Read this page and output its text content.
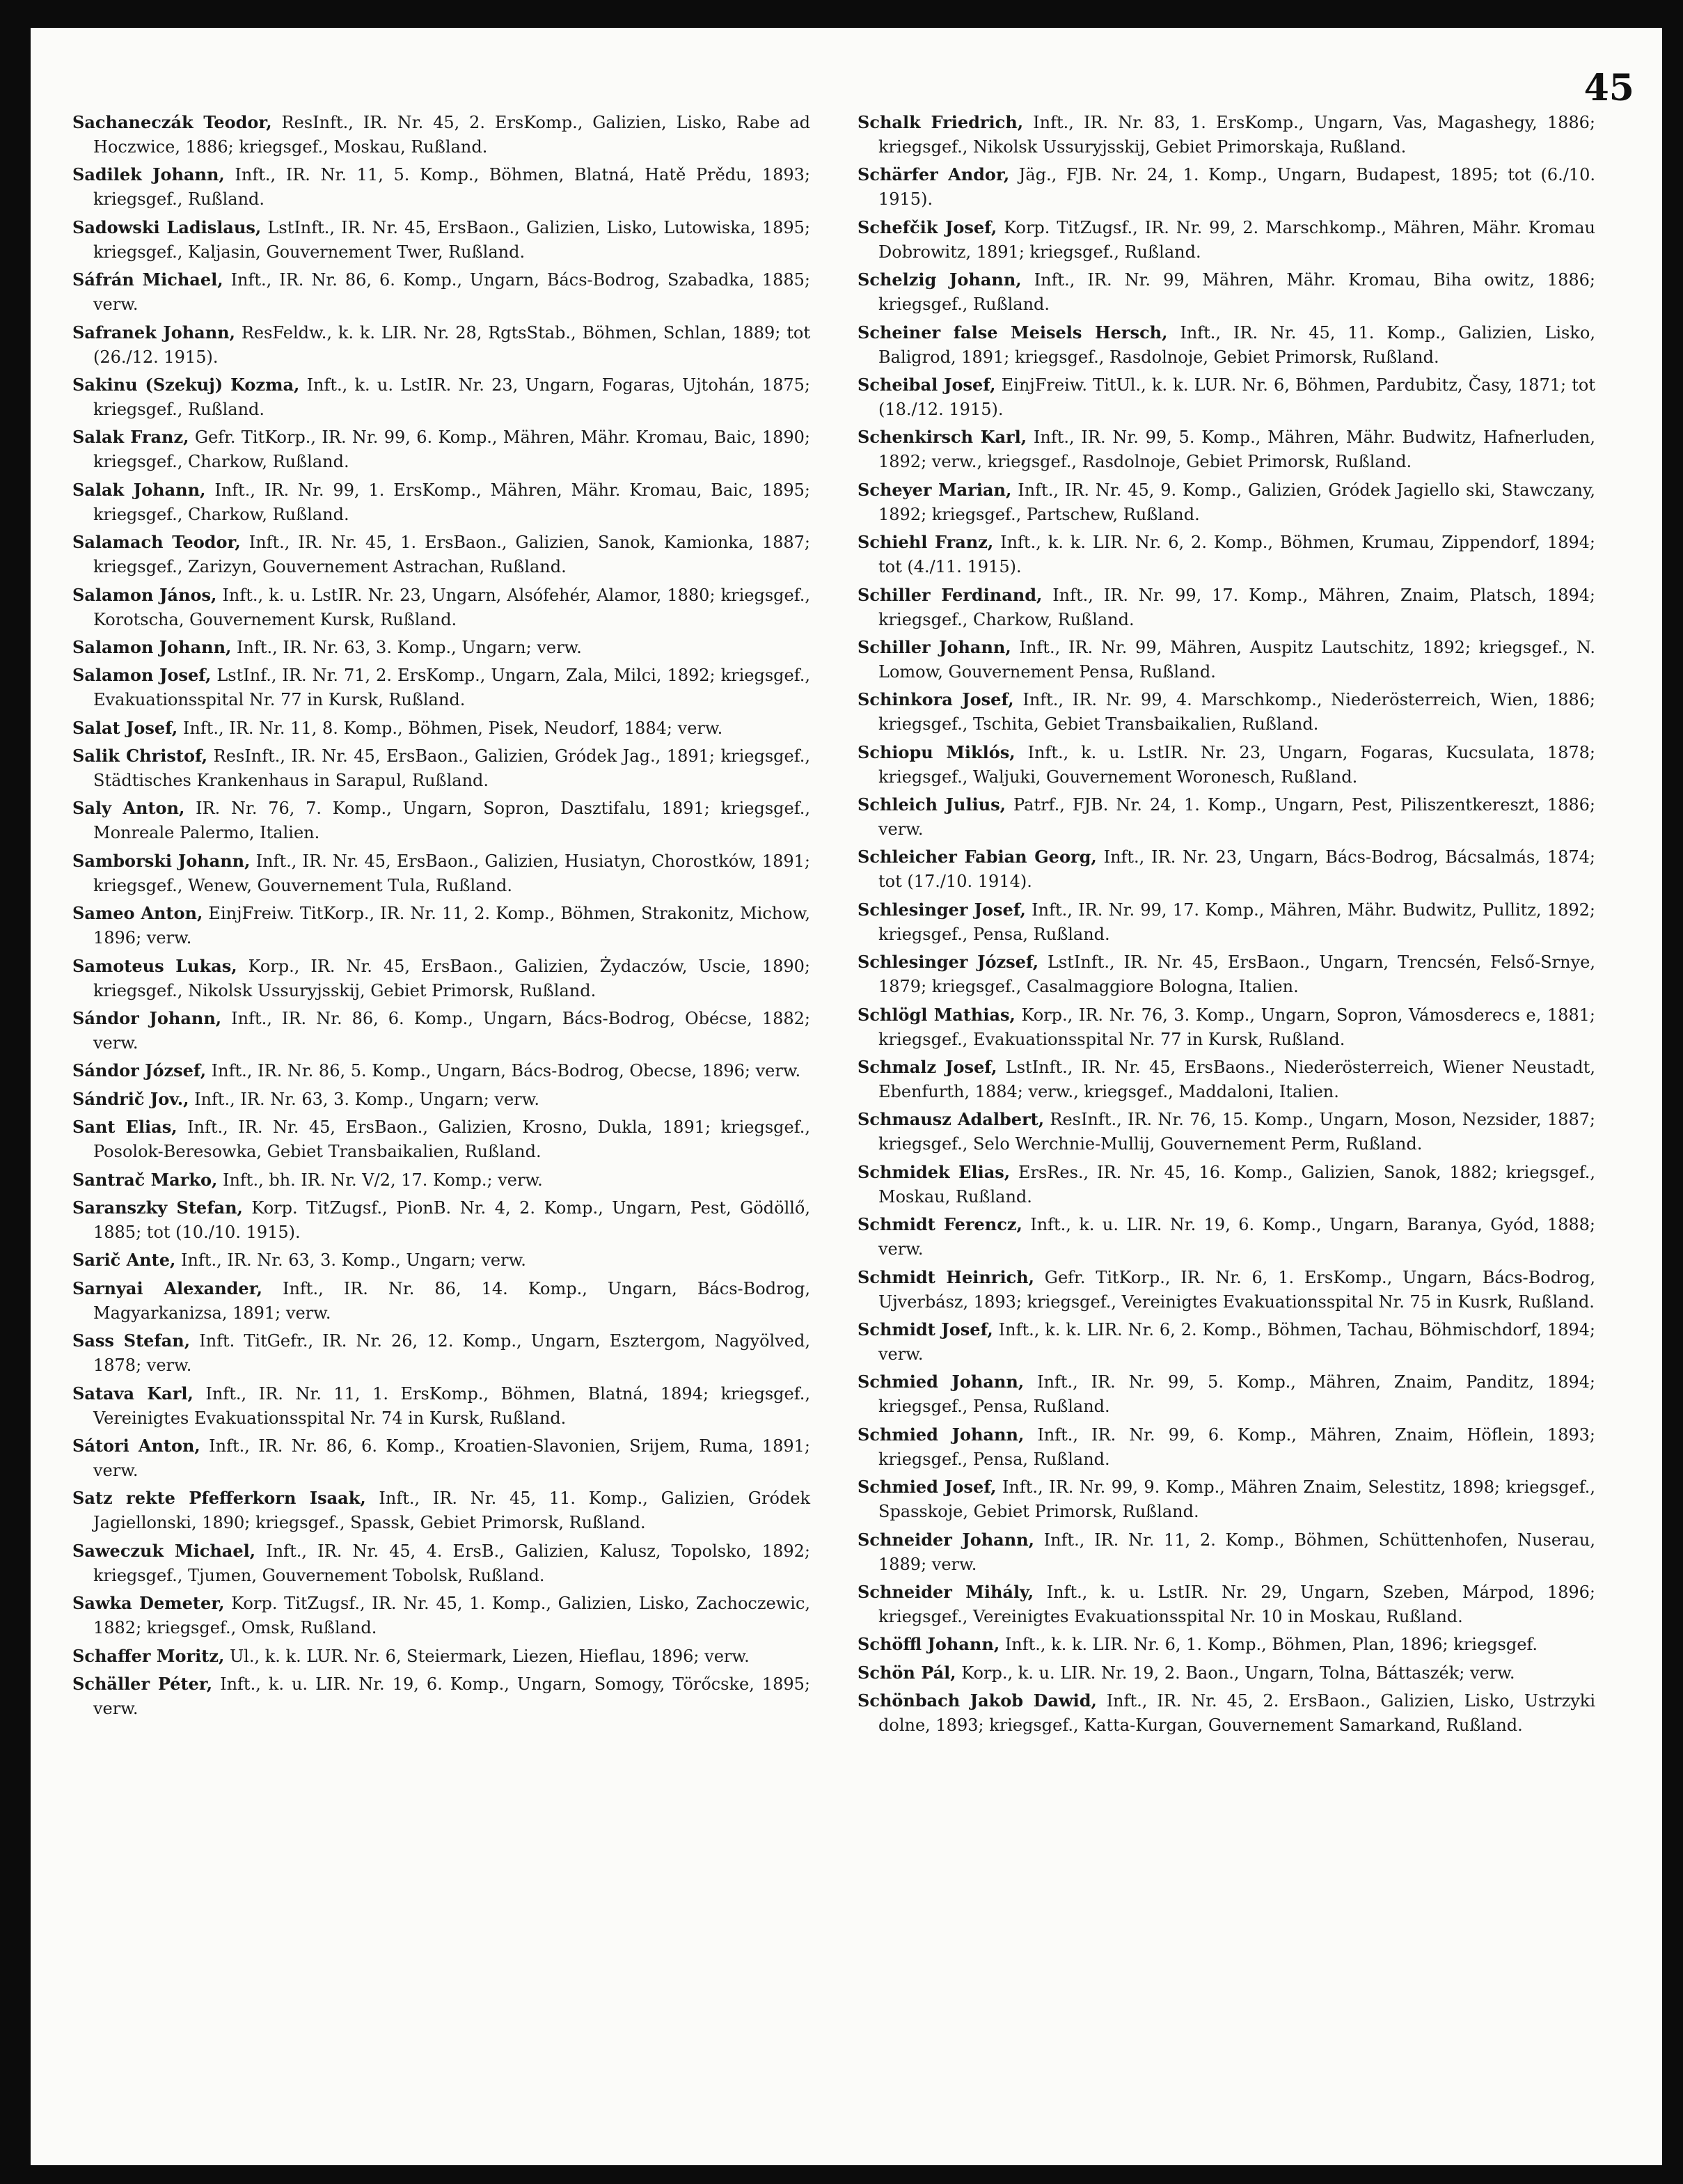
45

Sachaneczák Teodor, ResInft., IR. Nr. 45, 2. ErsKomp., Galizien, Lisko, Rabe ad Hoczwice, 1886; kriegsgef., Moskau, Rußland.

Sadilek Johann, Inft., IR. Nr. 11, 5. Komp., Böhmen, Blatná, Hatě Prědu, 1893; kriegsgef., Rußland.

Sadowski Ladislaus, LstInft., IR. Nr. 45, ErsBaon., Galizien, Lisko, Lutowiska, 1895; kriegsgef., Kaljasin, Gouvernement Twer, Rußland.

Sáfrán Michael, Inft., IR. Nr. 86, 6. Komp., Ungarn, Bács-Bodrog, Szabadka, 1885; verw.

Safranek Johann, ResFeldw., k. k. LIR. Nr. 28, RgtsStab., Böhmen, Schlan, 1889; tot (26./12. 1915).

Sakinu (Szekuj) Kozma, Inft., k. u. LstIR. Nr. 23, Ungarn, Fogaras, Ujtohán, 1875; kriegsgef., Rußland.

Salak Franz, Gefr. TitKorp., IR. Nr. 99, 6. Komp., Mähren, Mähr. Kromau, Baic, 1890; kriegsgef., Charkow, Rußland.

Salak Johann, Inft., IR. Nr. 99, 1. ErsKomp., Mähren, Mähr. Kromau, Baic, 1895; kriegsgef., Charkow, Rußland.

Salamach Teodor, Inft., IR. Nr. 45, 1. ErsBaon., Galizien, Sanok, Kamionka, 1887; kriegsgef., Zarizyn, Gouvernement Astrachan, Rußland.

Salamon János, Inft., k. u. LstIR. Nr. 23, Ungarn, Alsófehér, Alamor, 1880; kriegsgef., Korotscha, Gouvernement Kursk, Rußland.

Salamon Johann, Inft., IR. Nr. 63, 3. Komp., Ungarn; verw.

Salamon Josef, LstInf., IR. Nr. 71, 2. ErsKomp., Ungarn, Zala, Milci, 1892; kriegsgef., Evakuationsspital Nr. 77 in Kursk, Rußland.

Salat Josef, Inft., IR. Nr. 11, 8. Komp., Böhmen, Pisek, Neudorf, 1884; verw.

Salik Christof, ResInft., IR. Nr. 45, ErsBaon., Galizien, Gródek Jag., 1891; kriegsgef., Städtisches Krankenhaus in Sarapul, Rußland.

Saly Anton, IR. Nr. 76, 7. Komp., Ungarn, Sopron, Dasztifalu, 1891; kriegsgef., Monreale Palermo, Italien.

Samborski Johann, Inft., IR. Nr. 45, ErsBaon., Galizien, Husiatyn, Chorostków, 1891; kriegsgef., Wenew, Gouvernement Tula, Rußland.

Sameo Anton, EinjFreiw. TitKorp., IR. Nr. 11, 2. Komp., Böhmen, Strakonitz, Michow, 1896; verw.

Samoteus Lukas, Korp., IR. Nr. 45, ErsBaon., Galizien, Żydaczów, Uscie, 1890; kriegsgef., Nikolsk Ussuryjsskij, Gebiet Primorsk, Rußland.

Sándor Johann, Inft., IR. Nr. 86, 6. Komp., Ungarn, Bács-Bodrog, Obécse, 1882; verw.

Sándor József, Inft., IR. Nr. 86, 5. Komp., Ungarn, Bács-Bodrog, Obecse, 1896; verw.

Sándrič Jov., Inft., IR. Nr. 63, 3. Komp., Ungarn; verw.

Sant Elias, Inft., IR. Nr. 45, ErsBaon., Galizien, Krosno, Dukla, 1891; kriegsgef., Posolok-Beresowka, Gebiet Transbaikalien, Rußland.

Santrač Marko, Inft., bh. IR. Nr. V/2, 17. Komp.; verw.

Saranszky Stefan, Korp. TitZugsf., PionB. Nr. 4, 2. Komp., Ungarn, Pest, Gödöllő, 1885; tot (10./10. 1915).

Sarič Ante, Inft., IR. Nr. 63, 3. Komp., Ungarn; verw.

Sarnyai Alexander, Inft., IR. Nr. 86, 14. Komp., Ungarn, Bács-Bodrog, Magyarkanizsa, 1891; verw.

Sass Stefan, Inft. TitGefr., IR. Nr. 26, 12. Komp., Ungarn, Esztergom, Nagyölved, 1878; verw.

Satava Karl, Inft., IR. Nr. 11, 1. ErsKomp., Böhmen, Blatná, 1894; kriegsgef., Vereinigtes Evakuationsspital Nr. 74 in Kursk, Rußland.

Sátori Anton, Inft., IR. Nr. 86, 6. Komp., Kroatien-Slavonien, Srijem, Ruma, 1891; verw.

Satz rekte Pfefferkorn Isaak, Inft., IR. Nr. 45, 11. Komp., Galizien, Gródek Jagiellonski, 1890; kriegsgef., Spassk, Gebiet Primorsk, Rußland.

Saweczuk Michael, Inft., IR. Nr. 45, 4. ErsB., Galizien, Kalusz, Topolsko, 1892; kriegsgef., Tjumen, Gouvernement Tobolsk, Rußland.

Sawka Demeter, Korp. TitZugsf., IR. Nr. 45, 1. Komp., Galizien, Lisko, Zachoczewic, 1882; kriegsgef., Omsk, Rußland.

Schaffer Moritz, Ul., k. k. LUR. Nr. 6, Steiermark, Liezen, Hieflau, 1896; verw.

Schäller Péter, Inft., k. u. LIR. Nr. 19, 6. Komp., Ungarn, Somogy, Törőcske, 1895; verw.

Schalk Friedrich, Inft., IR. Nr. 83, 1. ErsKomp., Ungarn, Vas, Magashegy, 1886; kriegsgef., Nikolsk Ussuryjsskij, Gebiet Primorskaja, Rußland.

Schärfer Andor, Jäg., FJB. Nr. 24, 1. Komp., Ungarn, Budapest, 1895; tot (6./10. 1915).

Schefčik Josef, Korp. TitZugsf., IR. Nr. 99, 2. Marschkomp., Mähren, Mähr. Kromau Dobrowitz, 1891; kriegsgef., Rußland.

Schelzig Johann, Inft., IR. Nr. 99, Mähren, Mähr. Kromau, Biha owitz, 1886; kriegsgef., Rußland.

Scheiner false Meisels Hersch, Inft., IR. Nr. 45, 11. Komp., Galizien, Lisko, Baligrod, 1891; kriegsgef., Rasdolnoje, Gebiet Primorsk, Rußland.

Scheibal Josef, EinjFreiw. TitUl., k. k. LUR. Nr. 6, Böhmen, Pardubitz, Časy, 1871; tot (18./12. 1915).

Schenkirsch Karl, Inft., IR. Nr. 99, 5. Komp., Mähren, Mähr. Budwitz, Hafnerluden, 1892; verw., kriegsgef., Rasdolnoje, Gebiet Primorsk, Rußland.

Scheyer Marian, Inft., IR. Nr. 45, 9. Komp., Galizien, Gródek Jagiello ski, Stawczany, 1892; kriegsgef., Partschew, Rußland.

Schiehl Franz, Inft., k. k. LIR. Nr. 6, 2. Komp., Böhmen, Krumau, Zippendorf, 1894; tot (4./11. 1915).

Schiller Ferdinand, Inft., IR. Nr. 99, 17. Komp., Mähren, Znaim, Platsch, 1894; kriegsgef., Charkow, Rußland.

Schiller Johann, Inft., IR. Nr. 99, Mähren, Auspitz Lautschitz, 1892; kriegsgef., N. Lomow, Gouvernement Pensa, Rußland.

Schinkora Josef, Inft., IR. Nr. 99, 4. Marschkomp., Niederösterreich, Wien, 1886; kriegsgef., Tschita, Gebiet Transbaikalien, Rußland.

Schiopu Miklós, Inft., k. u. LstIR. Nr. 23, Ungarn, Fogaras, Kucsulata, 1878; kriegsgef., Waljuki, Gouvernement Woronesch, Rußland.

Schleich Julius, Patrf., FJB. Nr. 24, 1. Komp., Ungarn, Pest, Piliszentkereszt, 1886; verw.

Schleicher Fabian Georg, Inft., IR. Nr. 23, Ungarn, Bács-Bodrog, Bácsalmás, 1874; tot (17./10. 1914).

Schlesinger Josef, Inft., IR. Nr. 99, 17. Komp., Mähren, Mähr. Budwitz, Pullitz, 1892; kriegsgef., Pensa, Rußland.

Schlesinger József, LstInft., IR. Nr. 45, ErsBaon., Ungarn, Trencsén, Felső-Srnye, 1879; kriegsgef., Casalmaggiore Bologna, Italien.

Schlögl Mathias, Korp., IR. Nr. 76, 3. Komp., Ungarn, Sopron, Vámosderecs e, 1881; kriegsgef., Evakuationsspital Nr. 77 in Kursk, Rußland.

Schmalz Josef, LstInft., IR. Nr. 45, ErsBaons., Niederösterreich, Wiener Neustadt, Ebenfurth, 1884; verw., kriegsgef., Maddaloni, Italien.

Schmausz Adalbert, ResInft., IR. Nr. 76, 15. Komp., Ungarn, Moson, Nezsider, 1887; kriegsgef., Selo Werchnie-Mullij, Gouvernement Perm, Rußland.

Schmidek Elias, ErsRes., IR. Nr. 45, 16. Komp., Galizien, Sanok, 1882; kriegsgef., Moskau, Rußland.

Schmidt Ferencz, Inft., k. u. LIR. Nr. 19, 6. Komp., Ungarn, Baranya, Gyód, 1888; verw.

Schmidt Heinrich, Gefr. TitKorp., IR. Nr. 6, 1. ErsKomp., Ungarn, Bács-Bodrog, Ujverbász, 1893; kriegsgef., Vereinigtes Evakuationsspital Nr. 75 in Kusrk, Rußland.

Schmidt Josef, Inft., k. k. LIR. Nr. 6, 2. Komp., Böhmen, Tachau, Böhmischdorf, 1894; verw.

Schmied Johann, Inft., IR. Nr. 99, 5. Komp., Mähren, Znaim, Panditz, 1894; kriegsgef., Pensa, Rußland.

Schmied Johann, Inft., IR. Nr. 99, 6. Komp., Mähren, Znaim, Höflein, 1893; kriegsgef., Pensa, Rußland.

Schmied Josef, Inft., IR. Nr. 99, 9. Komp., Mähren Znaim, Selestitz, 1898; kriegsgef., Spasskoje, Gebiet Primorsk, Rußland.

Schneider Johann, Inft., IR. Nr. 11, 2. Komp., Böhmen, Schüttenhofen, Nuserau, 1889; verw.

Schneider Mihály, Inft., k. u. LstIR. Nr. 29, Ungarn, Szeben, Márpod, 1896; kriegsgef., Vereinigtes Evakuationsspital Nr. 10 in Moskau, Rußland.

Schöffl Johann, Inft., k. k. LIR. Nr. 6, 1. Komp., Böhmen, Plan, 1896; kriegsgef.

Schön Pál, Korp., k. u. LIR. Nr. 19, 2. Baon., Ungarn, Tolna, Báttaszék; verw.

Schönbach Jakob Dawid, Inft., IR. Nr. 45, 2. ErsBaon., Galizien, Lisko, Ustrzyki dolne, 1893; kriegsgef., Katta-Kurgan, Gouvernement Samarkand, Rußland.
